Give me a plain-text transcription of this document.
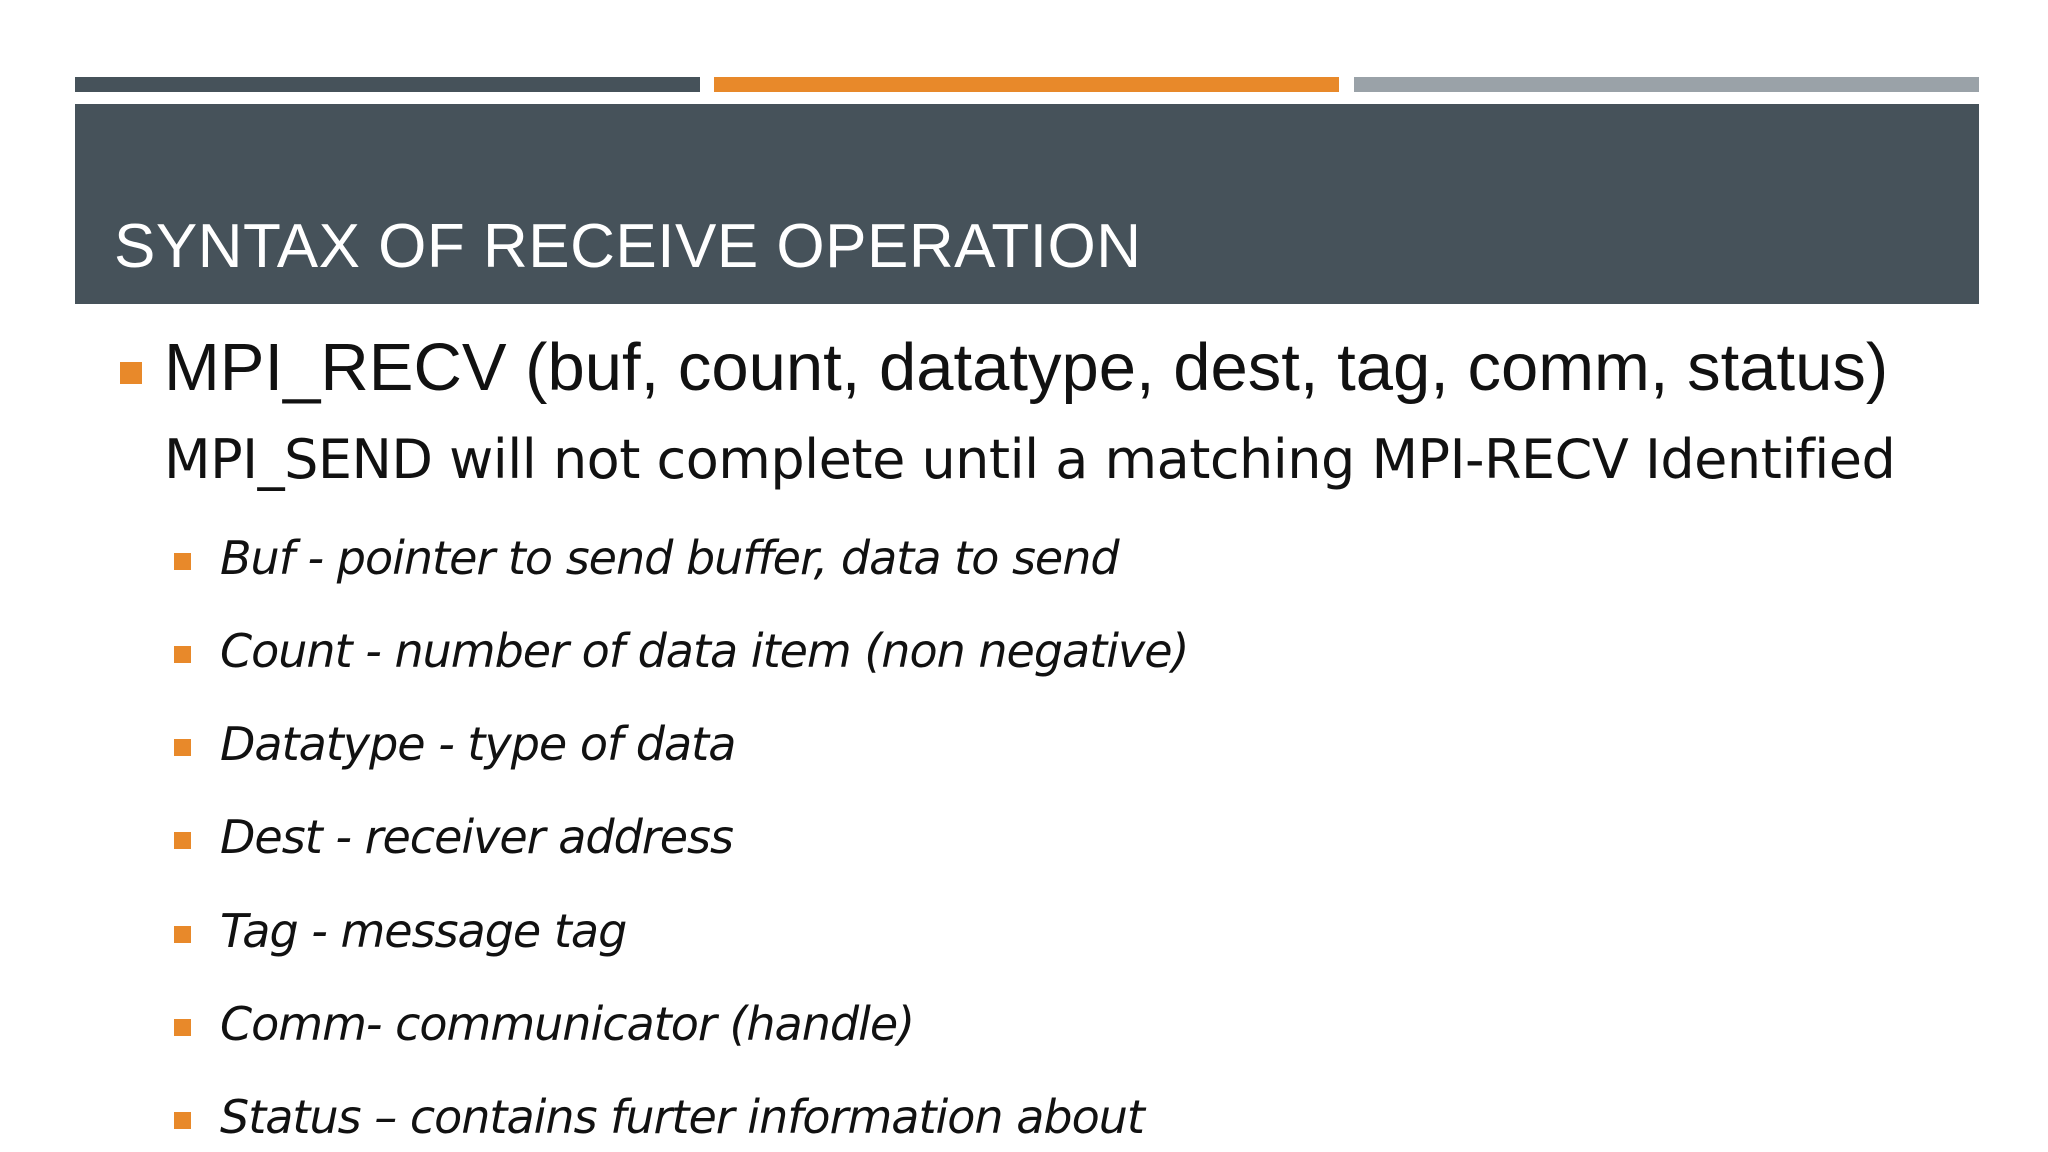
SYNTAX OF RECEIVE OPERATION
MPI_RECV (buf, count, datatype, dest, tag, comm, status)
MPI_SEND will not complete until a matching MPI-RECV Identified
Buf - pointer to send buffer, data to send
Count - number of data item (non negative)
Datatype - type of data
Dest - receiver address
Tag - message tag
Comm- communicator (handle)
Status – contains furter information about
